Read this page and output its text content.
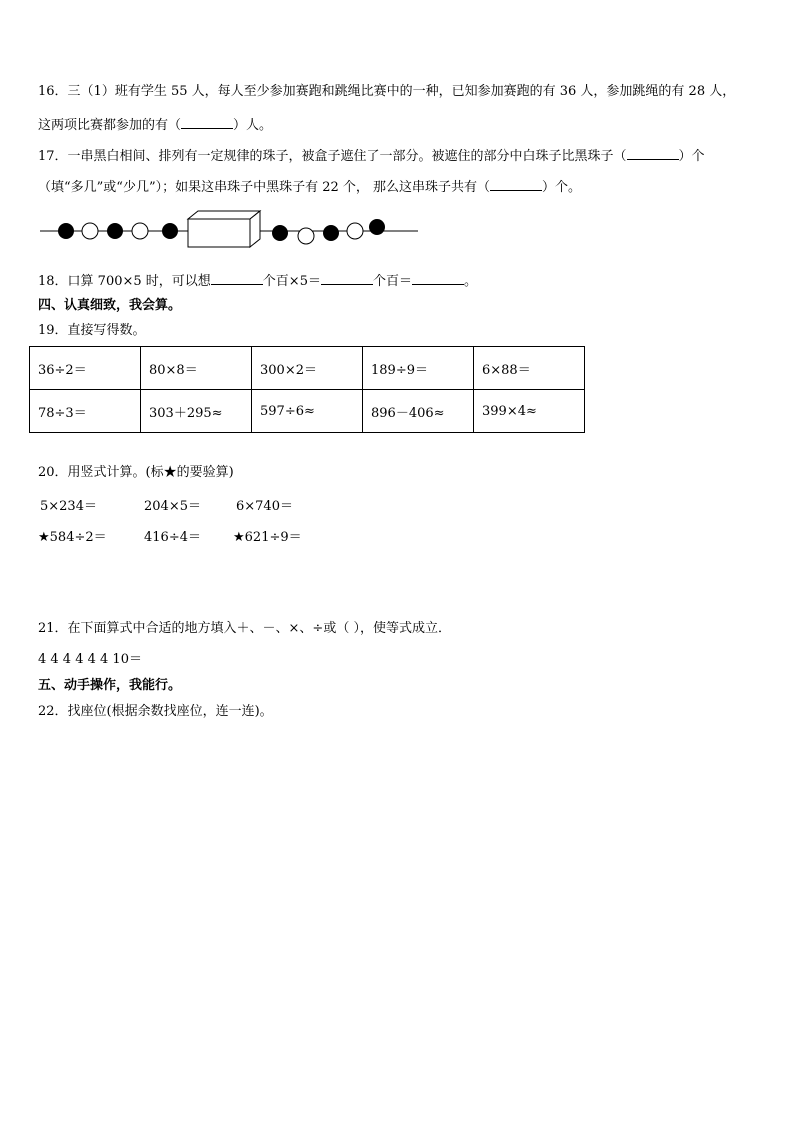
16．三（1）班有学生 55 人，每人至少参加赛跑和跳绳比赛中的一种，已知参加赛跑的有 36 人，参加跳绳的有 28 人，
这两项比赛都参加的有（	）人。
17．一串黑白相间、排列有一定规律的珠子，被盒子遮住了一部分。被遮住的部分中白珠子比黑珠子（	）个
（填“多几”或“少几”）；如果这串珠子中黑珠子有 22 个， 那么这串珠子共有（	）个。
18．口算 700×5 时，可以想	个百×5＝	个百＝	。
四、认真细致，我会算。
19．直接写得数。
36÷2＝	80×8＝	300×2＝	189÷9＝	6×88＝
78÷3＝	303＋295≈	597÷6≈	896－406≈	399×4≈
20．用竖式计算。(标★的要验算)
5×234＝	204×5＝	6×740＝
★584÷2＝	416÷4＝ ★621÷9＝
21．在下面算式中合适的地方填入＋、－、×、÷或（ ），使等式成立．
4 4 4 4 4 4 10＝
五、动手操作，我能行。
22．找座位(根据余数找座位，连一连)。
